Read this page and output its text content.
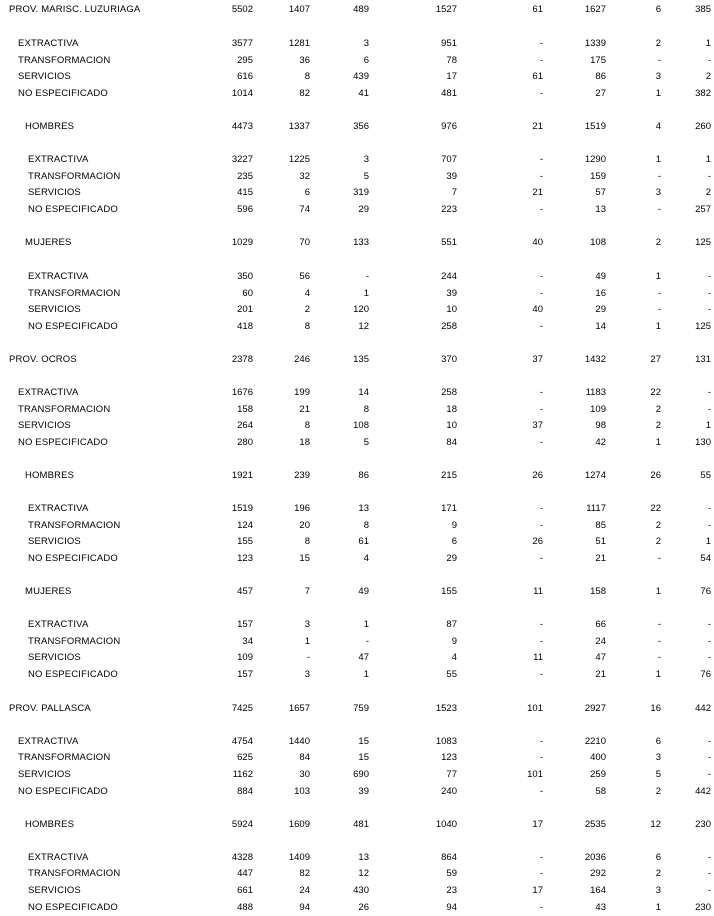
PROV. MARISC. LUZURIAGA	5502	1407	489	1527	61	1627	6	385
EXTRACTIVA	3577	1281	3	951	-	1339	2	1
TRANSFORMACION	295	36	6	78	-	175	-	-
SERVICIOS	616	8	439	17	61	86	3	2
NO ESPECIFICADO	1014	82	41	481	-	27	1	382
HOMBRES	4473	1337	356	976	21	1519	4	260
EXTRACTIVA	3227	1225	3	707	-	1290	1	1
TRANSFORMACION	235	32	5	39	-	159	-	-
SERVICIOS	415	6	319	7	21	57	3	2
NO ESPECIFICADO	596	74	29	223	-	13	-	257
MUJERES	1029	70	133	551	40	108	2	125
EXTRACTIVA	350	56	-	244	-	49	1	-
TRANSFORMACION	60	4	1	39	-	16	-	-
SERVICIOS	201	2	120	10	40	29	-	-
NO ESPECIFICADO	418	8	12	258	-	14	1	125
PROV. OCROS	2378	246	135	370	37	1432	27	131
EXTRACTIVA	1676	199	14	258	-	1183	22	-
TRANSFORMACION	158	21	8	18	-	109	2	-
SERVICIOS	264	8	108	10	37	98	2	1
NO ESPECIFICADO	280	18	5	84	-	42	1	130
HOMBRES	1921	239	86	215	26	1274	26	55
EXTRACTIVA	1519	196	13	171	-	1117	22	-
TRANSFORMACION	124	20	8	9	-	85	2	-
SERVICIOS	155	8	61	6	26	51	2	1
NO ESPECIFICADO	123	15	4	29	-	21	-	54
MUJERES	457	7	49	155	11	158	1	76
EXTRACTIVA	157	3	1	87	-	66	-	-
TRANSFORMACION	34	1	-	9	-	24	-	-
SERVICIOS	109	-	47	4	11	47	-	-
NO ESPECIFICADO	157	3	1	55	-	21	1	76
PROV. PALLASCA	7425	1657	759	1523	101	2927	16	442
EXTRACTIVA	4754	1440	15	1083	-	2210	6	-
TRANSFORMACION	625	84	15	123	-	400	3	-
SERVICIOS	1162	30	690	77	101	259	5	-
NO ESPECIFICADO	884	103	39	240	-	58	2	442
HOMBRES	5924	1609	481	1040	17	2535	12	230
EXTRACTIVA	4328	1409	13	864	-	2036	6	-
TRANSFORMACION	447	82	12	59	-	292	2	-
SERVICIOS	661	24	430	23	17	164	3	-
NO ESPECIFICADO	488	94	26	94	-	43	1	230
